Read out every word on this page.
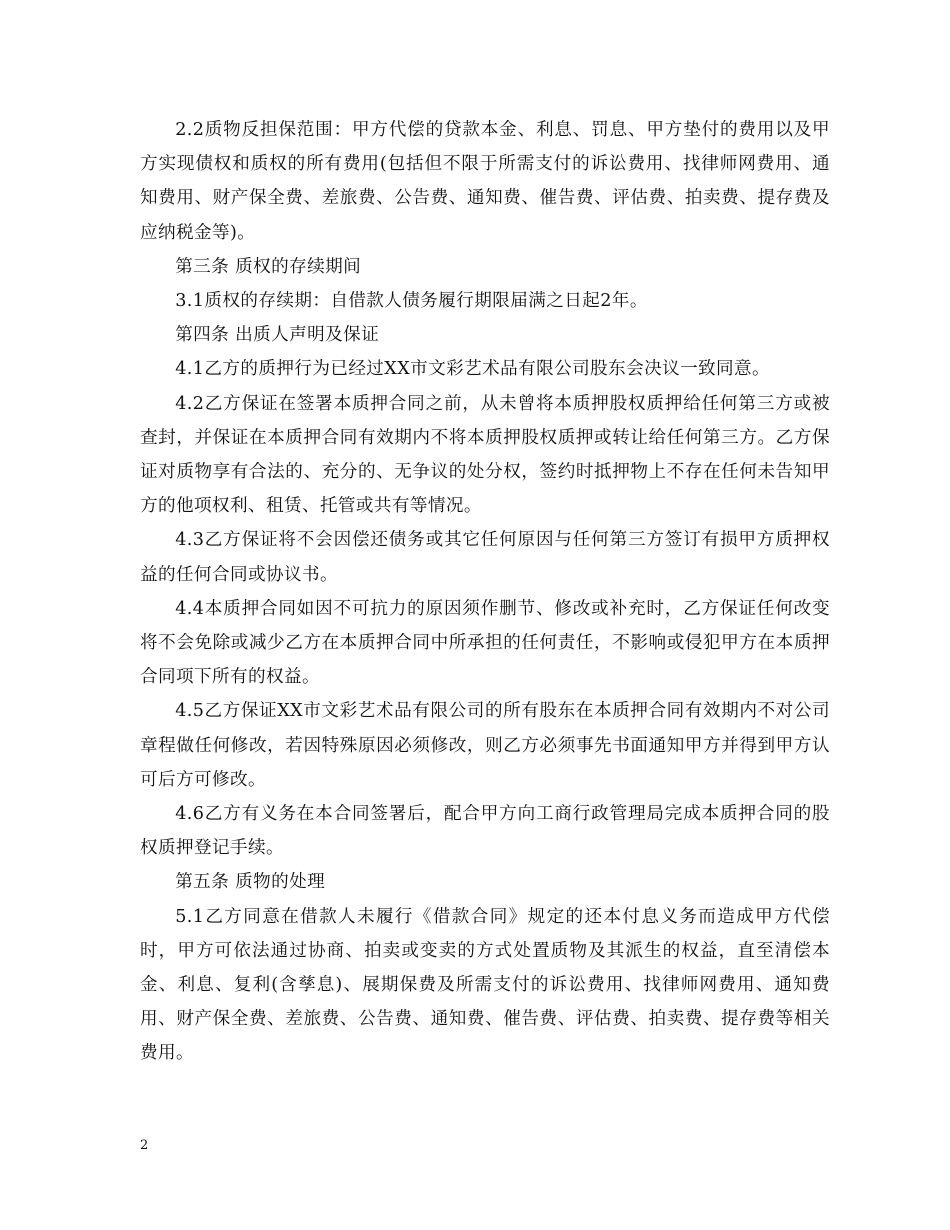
2.2质物反担保范围：甲方代偿的贷款本金、利息、罚息、甲方垫付的费用以及甲方实现债权和质权的所有费用(包括但不限于所需支付的诉讼费用、找律师网费用、通知费用、财产保全费、差旅费、公告费、通知费、催告费、评估费、拍卖费、提存费及应纳税金等)。

第三条 质权的存续期间

3.1质权的存续期：自借款人债务履行期限届满之日起2年。

第四条 出质人声明及保证

4.1乙方的质押行为已经过XX市文彩艺术品有限公司股东会决议一致同意。

4.2乙方保证在签署本质押合同之前，从未曾将本质押股权质押给任何第三方或被查封，并保证在本质押合同有效期内不将本质押股权质押或转让给任何第三方。乙方保证对质物享有合法的、充分的、无争议的处分权，签约时抵押物上不存在任何未告知甲方的他项权利、租赁、托管或共有等情况。

4.3乙方保证将不会因偿还债务或其它任何原因与任何第三方签订有损甲方质押权益的任何合同或协议书。

4.4本质押合同如因不可抗力的原因须作删节、修改或补充时，乙方保证任何改变将不会免除或减少乙方在本质押合同中所承担的任何责任，不影响或侵犯甲方在本质押合同项下所有的权益。

4.5乙方保证XX市文彩艺术品有限公司的所有股东在本质押合同有效期内不对公司章程做任何修改，若因特殊原因必须修改，则乙方必须事先书面通知甲方并得到甲方认可后方可修改。

4.6乙方有义务在本合同签署后，配合甲方向工商行政管理局完成本质押合同的股权质押登记手续。

第五条 质物的处理

5.1乙方同意在借款人未履行《借款合同》规定的还本付息义务而造成甲方代偿时，甲方可依法通过协商、拍卖或变卖的方式处置质物及其派生的权益，直至清偿本金、利息、复利(含孳息)、展期保费及所需支付的诉讼费用、找律师网费用、通知费用、财产保全费、差旅费、公告费、通知费、催告费、评估费、拍卖费、提存费等相关费用。

2
